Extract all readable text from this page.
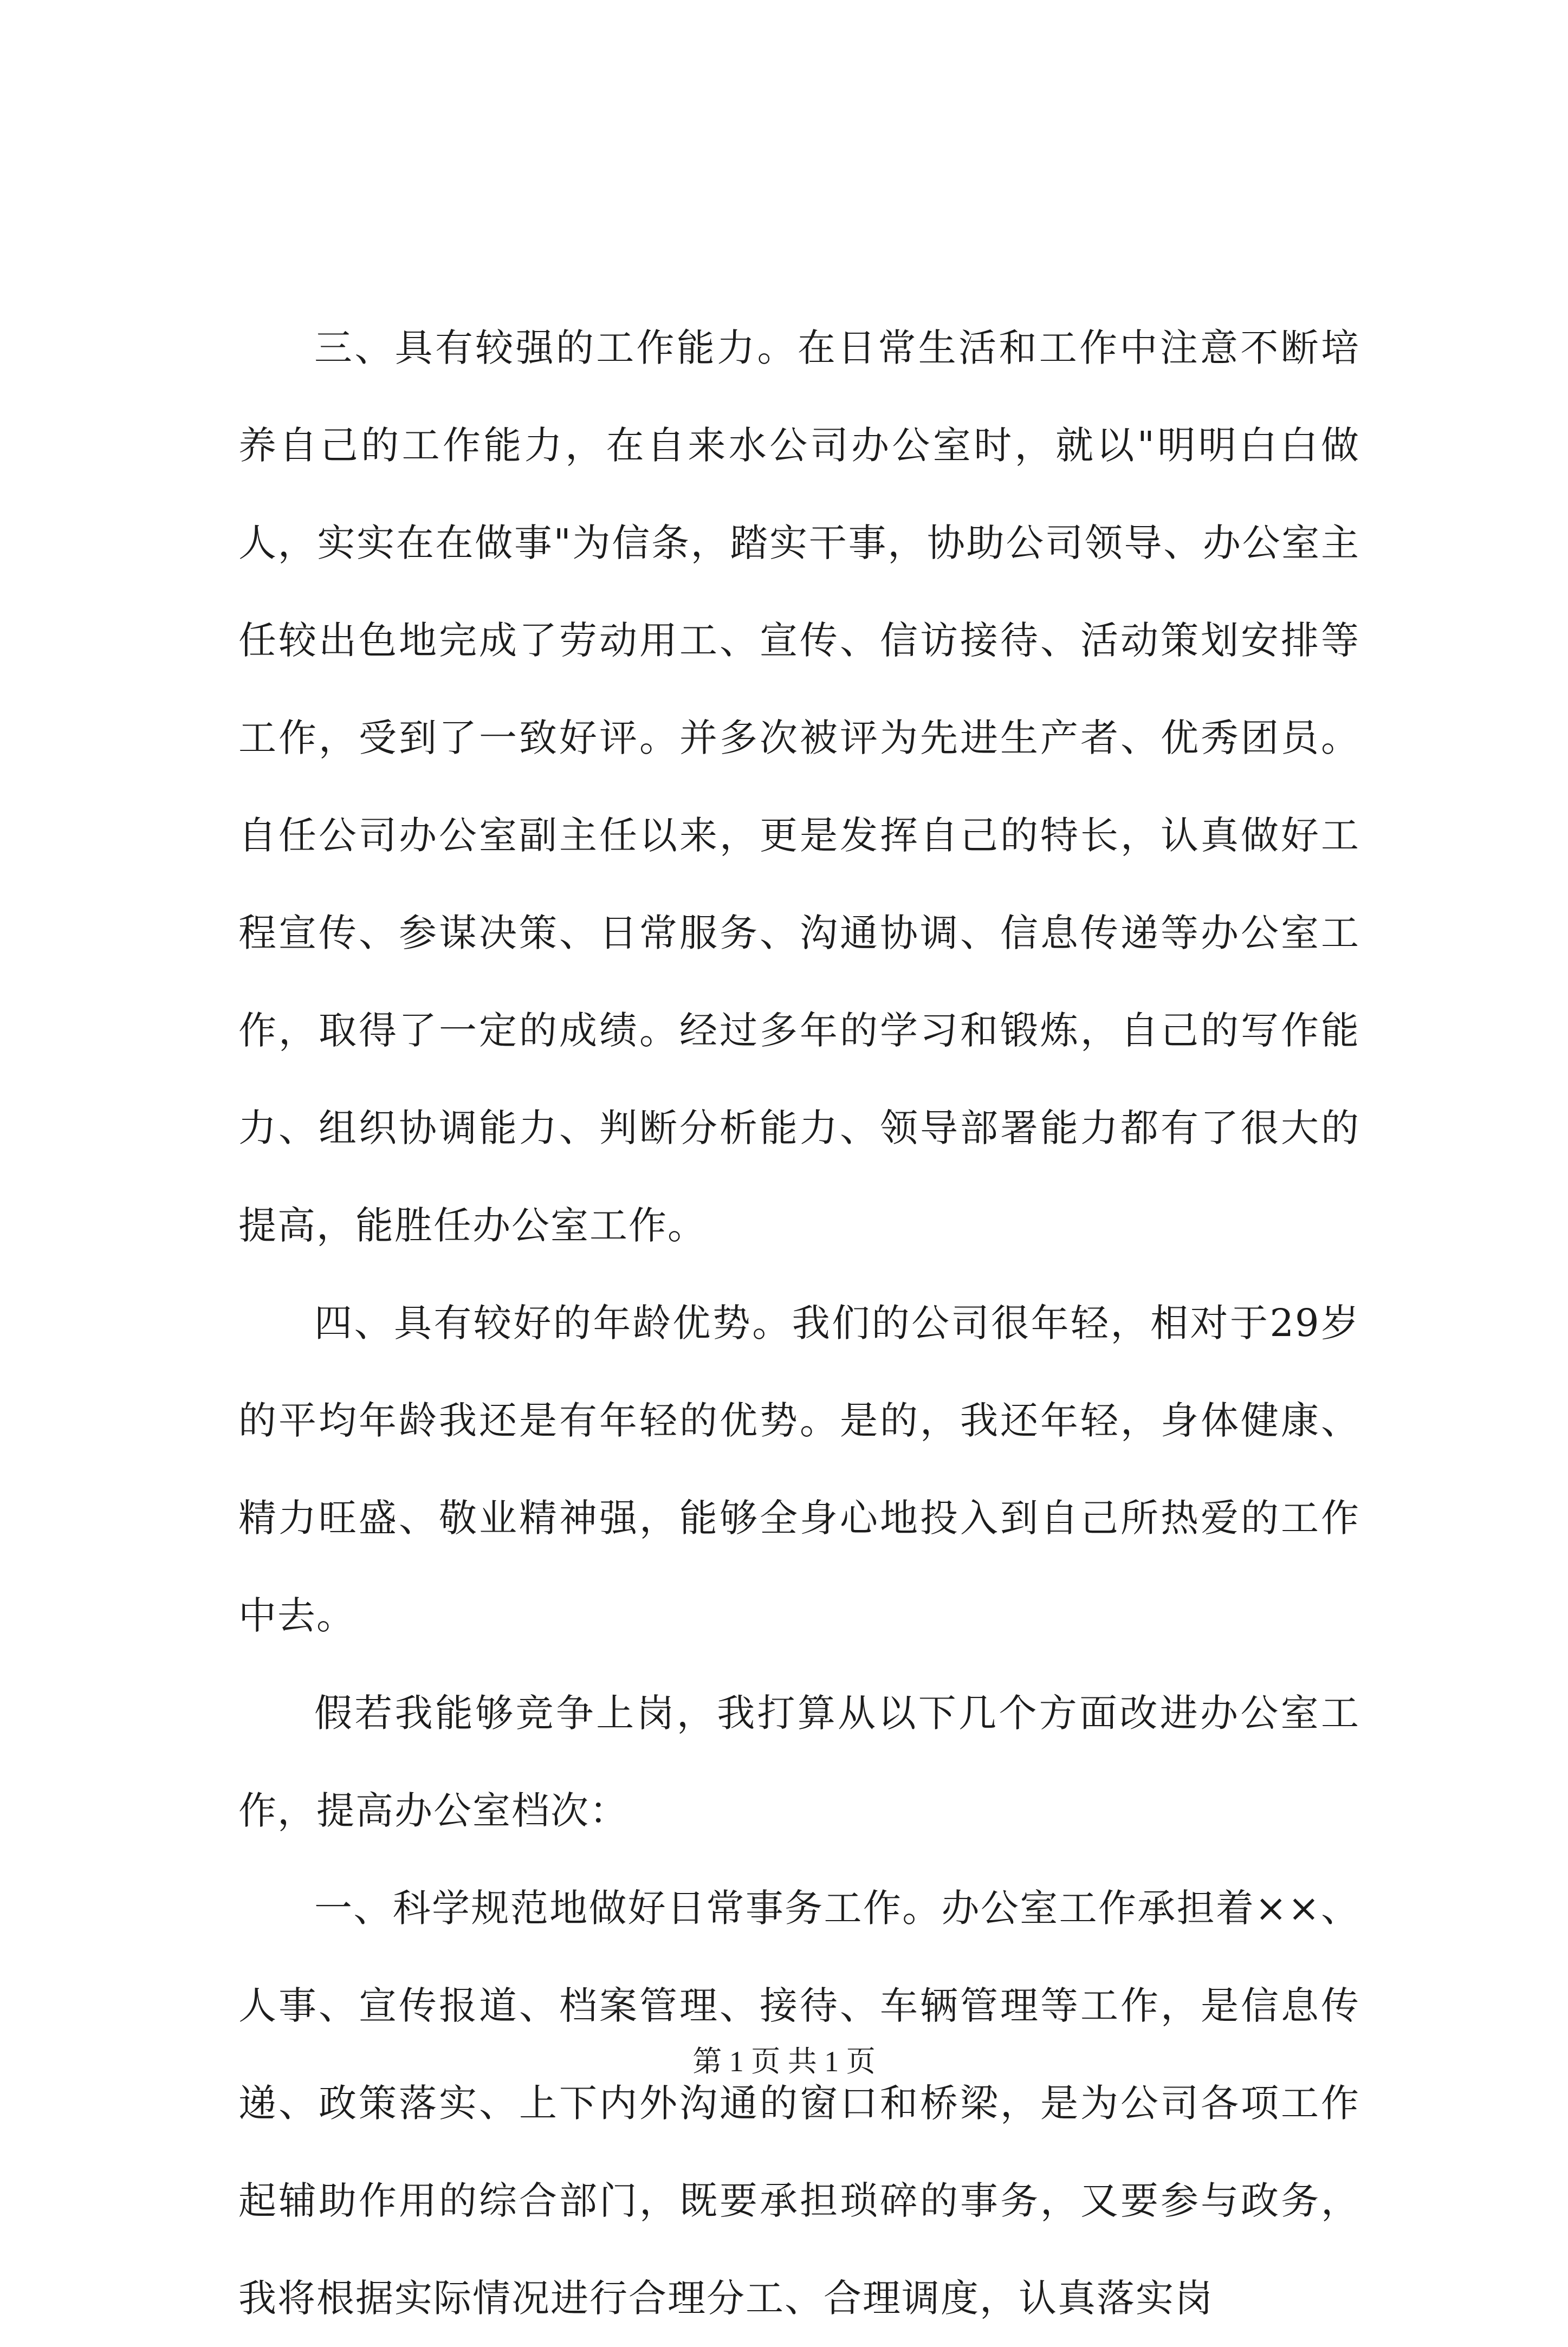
三、具有较强的工作能力。在日常生活和工作中注意不断培养自己的工作能力，在自来水公司办公室时，就以"明明白白做人，实实在在做事"为信条，踏实干事，协助公司领导、办公室主任较出色地完成了劳动用工、宣传、信访接待、活动策划安排等工作，受到了一致好评。并多次被评为先进生产者、优秀团员。自任公司办公室副主任以来，更是发挥自己的特长，认真做好工程宣传、参谋决策、日常服务、沟通协调、信息传递等办公室工作，取得了一定的成绩。经过多年的学习和锻炼，自己的写作能力、组织协调能力、判断分析能力、领导部署能力都有了很大的提高，能胜任办公室工作。

四、具有较好的年龄优势。我们的公司很年轻，相对于29岁的平均年龄我还是有年轻的优势。是的，我还年轻，身体健康、精力旺盛、敬业精神强，能够全身心地投入到自己所热爱的工作中去。

假若我能够竞争上岗，我打算从以下几个方面改进办公室工作，提高办公室档次：

一、科学规范地做好日常事务工作。办公室工作承担着××、人事、宣传报道、档案管理、接待、车辆管理等工作，是信息传递、政策落实、上下内外沟通的窗口和桥梁，是为公司各项工作起辅助作用的综合部门，既要承担琐碎的事务，又要参与政务，我将根据实际情况进行合理分工、合理调度，认真落实岗

第 1 页 共 1 页
